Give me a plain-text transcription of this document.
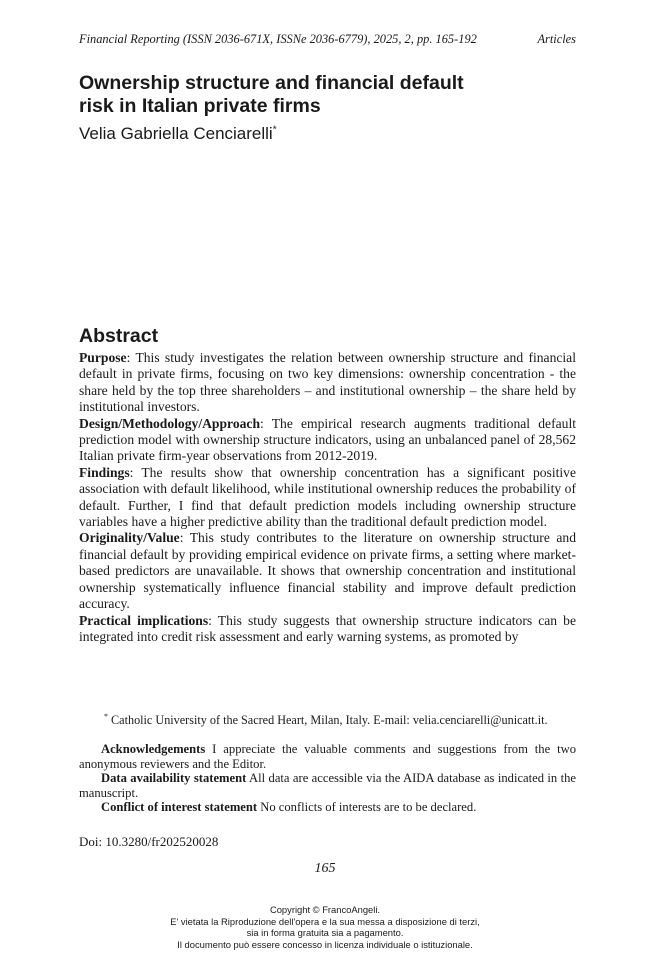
Financial Reporting (ISSN 2036-671X, ISSNe 2036-6779), 2025, 2, pp. 165-192	Articles
Ownership structure and financial default
risk in Italian private firms
Velia Gabriella Cenciarelli*
Abstract

Purpose: This study investigates the relation between ownership structure and financial default in private firms, focusing on two key dimensions: ownership concentration - the share held by the top three shareholders – and institutional ownership – the share held by institutional investors.

Design/Methodology/Approach: The empirical research augments traditional default prediction model with ownership structure indicators, using an unbalanced panel of 28,562 Italian private firm-year observations from 2012-2019.

Findings: The results show that ownership concentration has a significant positive association with default likelihood, while institutional ownership reduces the probability of default. Further, I find that default prediction models including ownership structure variables have a higher predictive ability than the traditional default prediction model.

Originality/Value: This study contributes to the literature on ownership structure and financial default by providing empirical evidence on private firms, a setting where market-based predictors are unavailable. It shows that ownership concentration and institutional ownership systematically influence financial stability and improve default prediction accuracy.

Practical implications: This study suggests that ownership structure indicators can be integrated into credit risk assessment and early warning systems, as promoted by

* Catholic University of the Sacred Heart, Milan, Italy. E-mail: velia.cenciarelli@unicatt.it.

Acknowledgements I appreciate the valuable comments and suggestions from the two anonymous reviewers and the Editor.

Data availability statement All data are accessible via the AIDA database as indicated in the manuscript.

Conflict of interest statement No conflicts of interests are to be declared.

Doi: 10.3280/fr202520028
165
Copyright © FrancoAngeli.
E' vietata la Riproduzione dell'opera e la sua messa a disposizione di terzi,
sia in forma gratuita sia a pagamento.
Il documento può essere concesso in licenza individuale o istituzionale.
